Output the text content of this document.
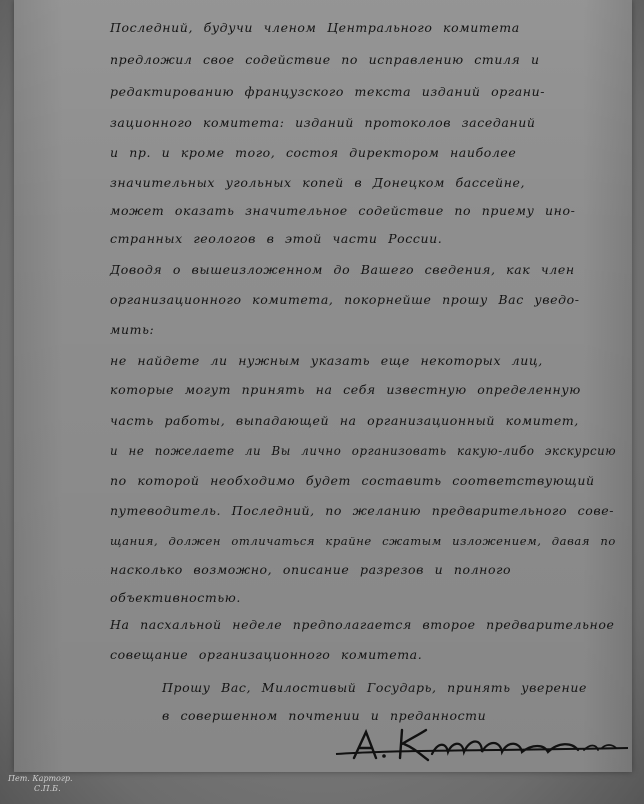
Последний, будучи членом Центрального комитета
предложил свое содействие по исправлению стиля и
редактированию французского текста изданий органи-
зационного комитета: изданий протоколов заседаний
и пр. и кроме того, состоя директором наиболее
значительных угольных копей в Донецком бассейне,
может оказать значительное содействие по приему ино-
странных геологов в этой части России.
Доводя о вышеизложенном до Вашего сведения, как член
организационного комитета, покорнейше прошу Вас уведо-
мить:
не найдете ли нужным указать еще некоторых лиц,
которые могут принять на себя известную определенную
часть работы, выпадающей на организационный комитет,
и не пожелаете ли Вы лично организовать какую-либо экскурсию
по которой необходимо будет составить соответствующий
путеводитель. Последний, по желанию предварительного сове-
щания, должен отличаться крайне сжатым изложением, давая по
насколько возможно, описание разрезов и полного
объективностью.
На пасхальной неделе предполагается второе предварительное
совещание организационного комитета.
Прошу Вас, Милостивый Государь, принять уверение
в совершенном почтении и преданности
Пет. Картогр.
С.П.Б.
